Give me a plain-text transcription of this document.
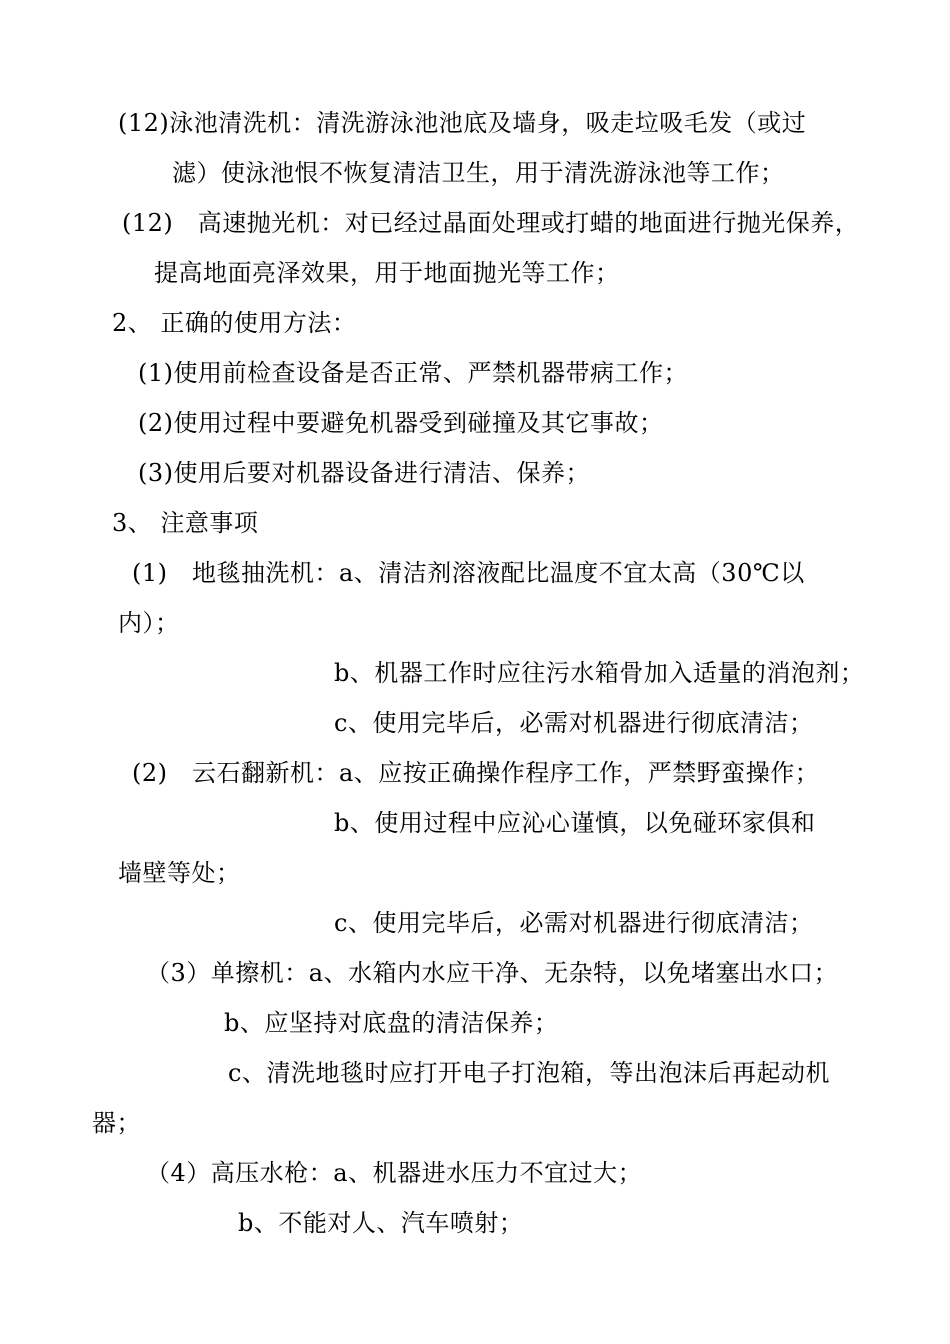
(12)泳池清洗机：清洗游泳池池底及墙身，吸走垃吸毛发（或过
滤）使泳池恨不恢复清洁卫生，用于清洗游泳池等工作；
(12)　高速抛光机：对已经过晶面处理或打蜡的地面进行抛光保养，
提高地面亮泽效果，用于地面抛光等工作；
2、 正确的使用方法：
(1)使用前检查设备是否正常、严禁机器带病工作；
(2)使用过程中要避免机器受到碰撞及其它事故；
(3)使用后要对机器设备进行清洁、保养；
3、 注意事项
(1)　地毯抽洗机：a、清洁剂溶液配比温度不宜太高（30℃以
内）；
b、机器工作时应往污水箱骨加入适量的消泡剂；
c、使用完毕后，必需对机器进行彻底清洁；
(2)　云石翻新机：a、应按正确操作程序工作，严禁野蛮操作；
b、使用过程中应沁心谨慎，以免碰环家俱和
墙壁等处；
c、使用完毕后，必需对机器进行彻底清洁；
（3）单擦机：a、水箱内水应干净、无杂特，以免堵塞出水口；
b、应坚持对底盘的清洁保养；
c、清洗地毯时应打开电子打泡箱，等出泡沫后再起动机
器；
（4）高压水枪：a、机器进水压力不宜过大；
b、不能对人、汽车喷射；
